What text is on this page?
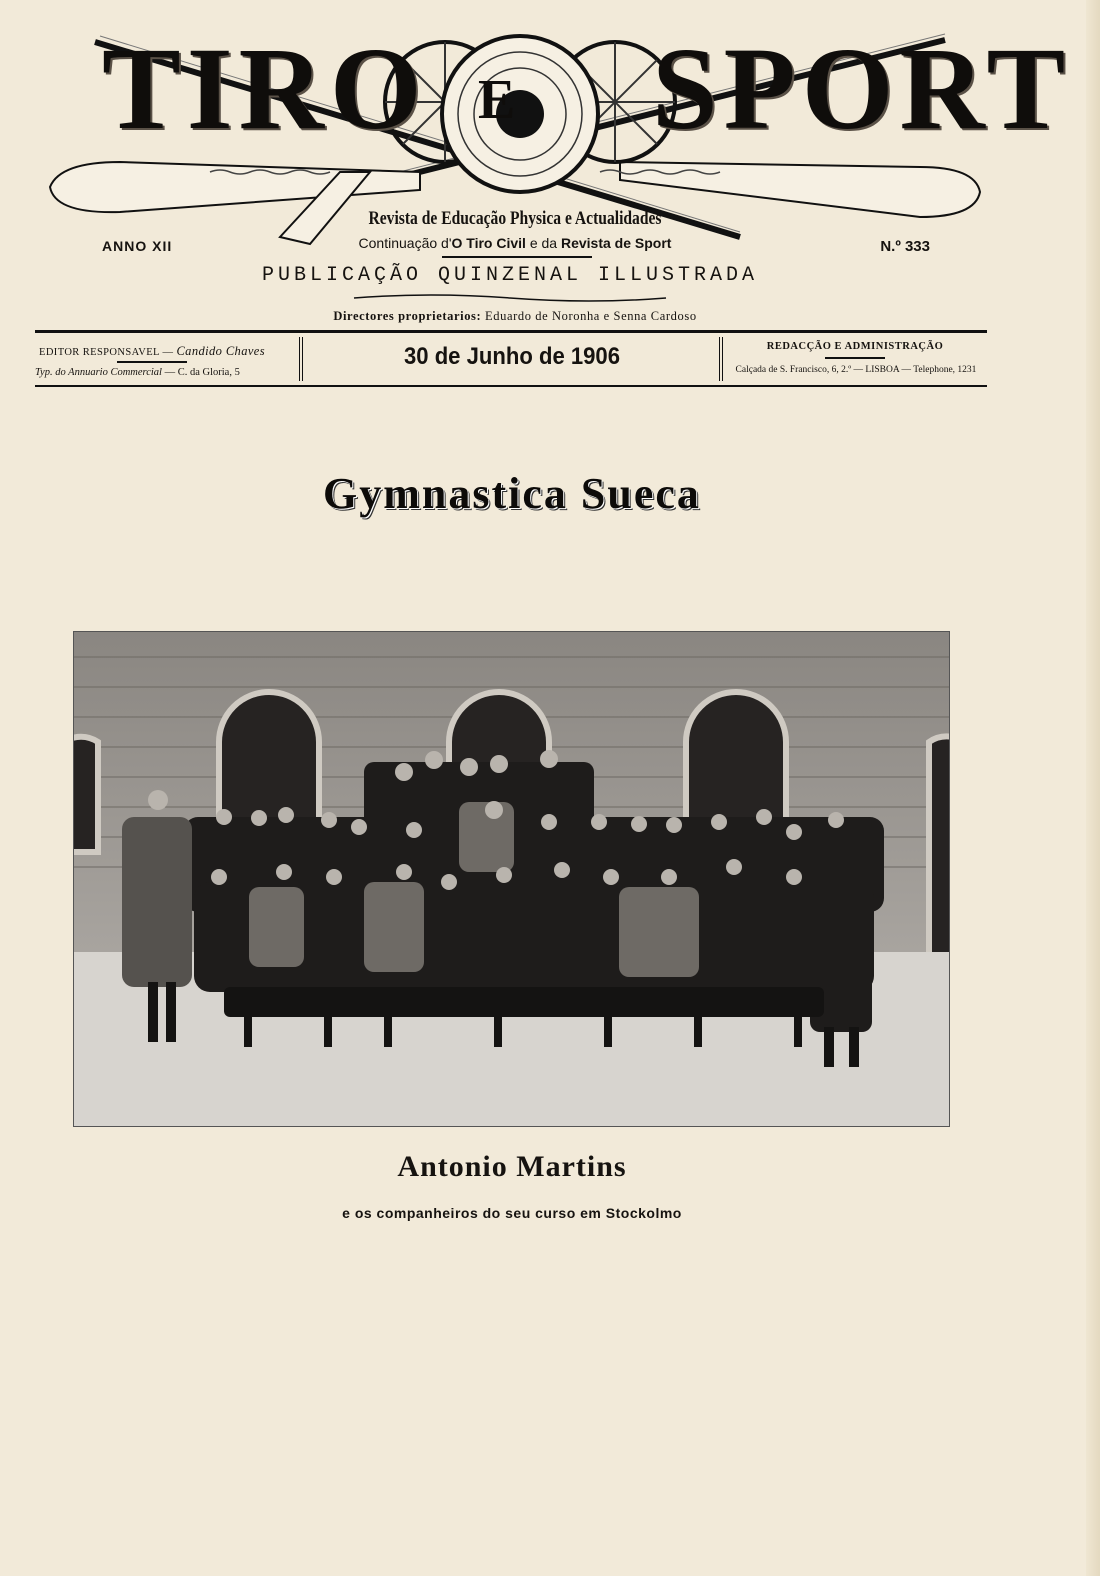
TIRO E SPORT
Revista de Educação Physica e Actualidades
ANNO XII	Continuação d'O Tiro Civil e da Revista de Sport	N.º 333
PUBLICAÇÃO QUINZENAL ILLUSTRADA
Directores proprietarios: Eduardo de Noronha e Senna Cardoso
EDITOR RESPONSAVEL — Candido Chaves
Typ. do Annuario Commercial — C. da Gloria, 5
30 de Junho de 1906	REDACÇÃO E ADMINISTRAÇÃO
Calçada de S. Francisco, 6, 2.º — LISBOA — Telephone, 1231
Gymnastica Sueca
Antonio Martins
e os companheiros do seu curso em Stockolmo
